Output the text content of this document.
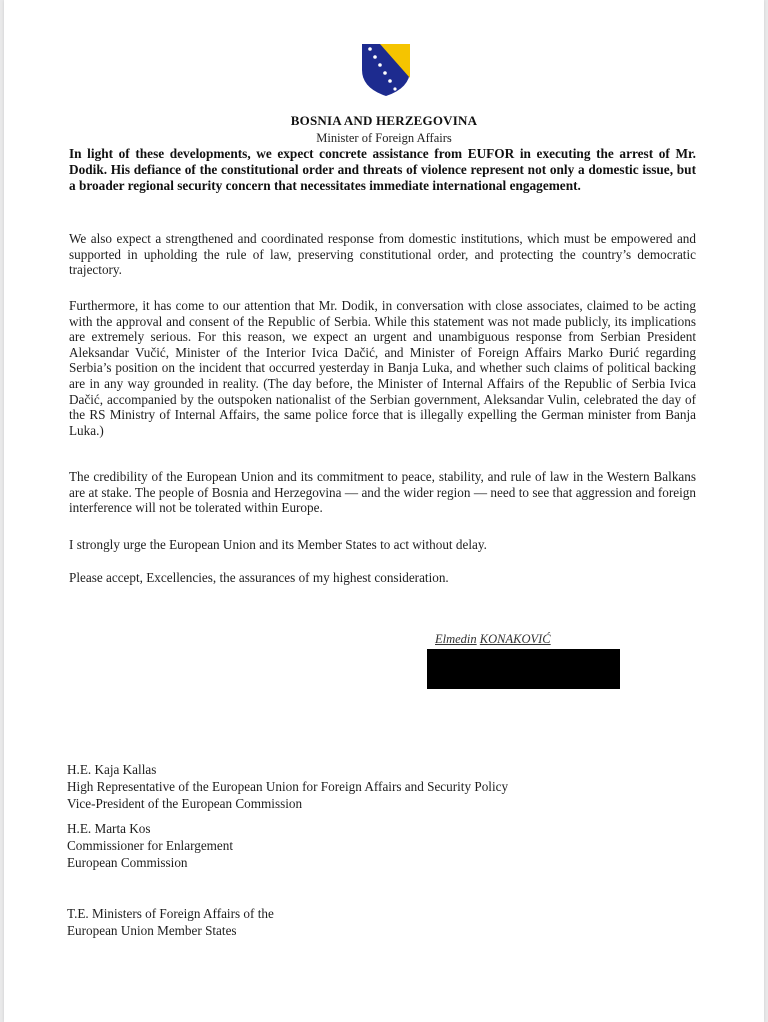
BOSNIA AND HERZEGOVINA
Minister of Foreign Affairs

In light of these developments, we expect concrete assistance from EUFOR in executing the arrest of Mr. Dodik. His defiance of the constitutional order and threats of violence represent not only a domestic issue, but a broader regional security concern that necessitates immediate international engagement.

We also expect a strengthened and coordinated response from domestic institutions, which must be empowered and supported in upholding the rule of law, preserving constitutional order, and protecting the country’s democratic trajectory.

Furthermore, it has come to our attention that Mr. Dodik, in conversation with close associates, claimed to be acting with the approval and consent of the Republic of Serbia. While this statement was not made publicly, its implications are extremely serious. For this reason, we expect an urgent and unambiguous response from Serbian President Aleksandar Vučić, Minister of the Interior Ivica Dačić, and Minister of Foreign Affairs Marko Đurić regarding Serbia’s position on the incident that occurred yesterday in Banja Luka, and whether such claims of political backing are in any way grounded in reality. (The day before, the Minister of Internal Affairs of the Republic of Serbia Ivica Dačić, accompanied by the outspoken nationalist of the Serbian government, Aleksandar Vulin, celebrated the day of the RS Ministry of Internal Affairs, the same police force that is illegally expelling the German minister from Banja Luka.)

The credibility of the European Union and its commitment to peace, stability, and rule of law in the Western Balkans are at stake. The people of Bosnia and Herzegovina — and the wider region — need to see that aggression and foreign interference will not be tolerated within Europe.

I strongly urge the European Union and its Member States to act without delay.

Please accept, Excellencies, the assurances of my highest consideration.

Elmedin KONAKOVIĆ
H.E. Kaja Kallas
High Representative of the European Union for Foreign Affairs and Security Policy
Vice-President of the European Commission
H.E. Marta Kos
Commissioner for Enlargement
European Commission
T.E. Ministers of Foreign Affairs of the
European Union Member States
